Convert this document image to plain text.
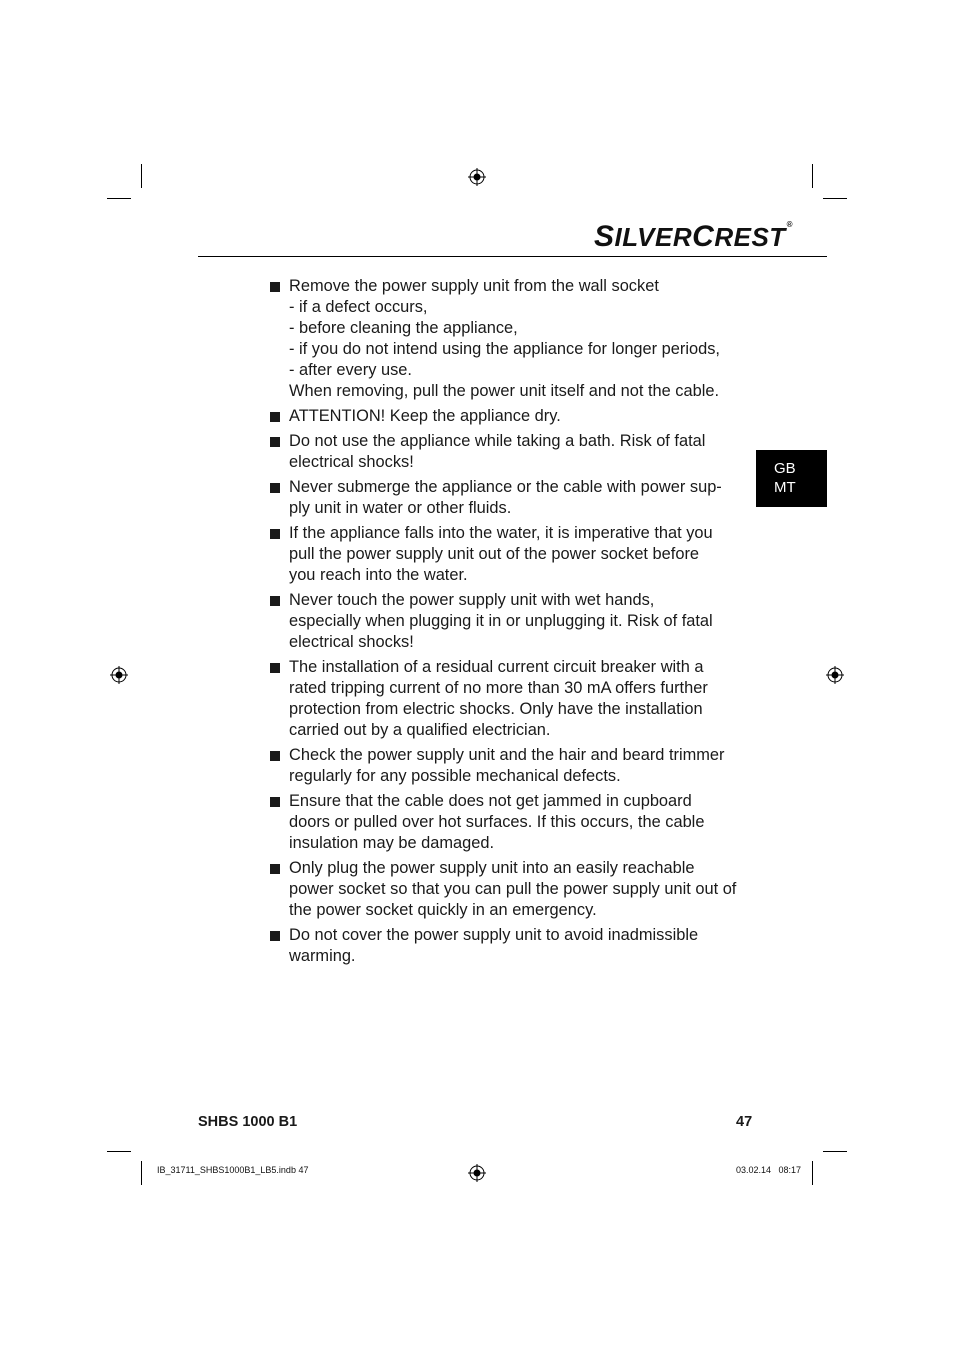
SILVERCREST®
GB
MT
Remove the power supply unit from the wall socket
- if a defect occurs,
- before cleaning the appliance,
- if you do not intend using the appliance for longer periods,
- after every use.
When removing, pull the power unit itself and not the cable.
ATTENTION! Keep the appliance dry.
Do not use the appliance while taking a bath. Risk of fatal
electrical shocks!
Never submerge the appliance or the cable with power sup-
ply unit in water or other fluids.
If the appliance falls into the water, it is imperative that you
pull the power supply unit out of the power socket before
you reach into the water.
Never touch the power supply unit with wet hands,
especially when plugging it in or unplugging it. Risk of fatal
electrical shocks!
The installation of a residual current circuit breaker with a
rated tripping current of no more than 30 mA offers further
protection from electric shocks. Only have the installation
carried out by a qualified electrician.
Check the power supply unit and the hair and beard trimmer
regularly for any possible mechanical defects.
Ensure that the cable does not get jammed in cupboard
doors or pulled over hot surfaces. If this occurs, the cable
insulation may be damaged.
Only plug the power supply unit into an easily reachable
power socket so that you can pull the power supply unit out of
the power socket quickly in an emergency.
Do not cover the power supply unit to avoid inadmissible
warming.
SHBS 1000 B1	47
IB_31711_SHBS1000B1_LB5.indb 47	03.02.14   08:17
